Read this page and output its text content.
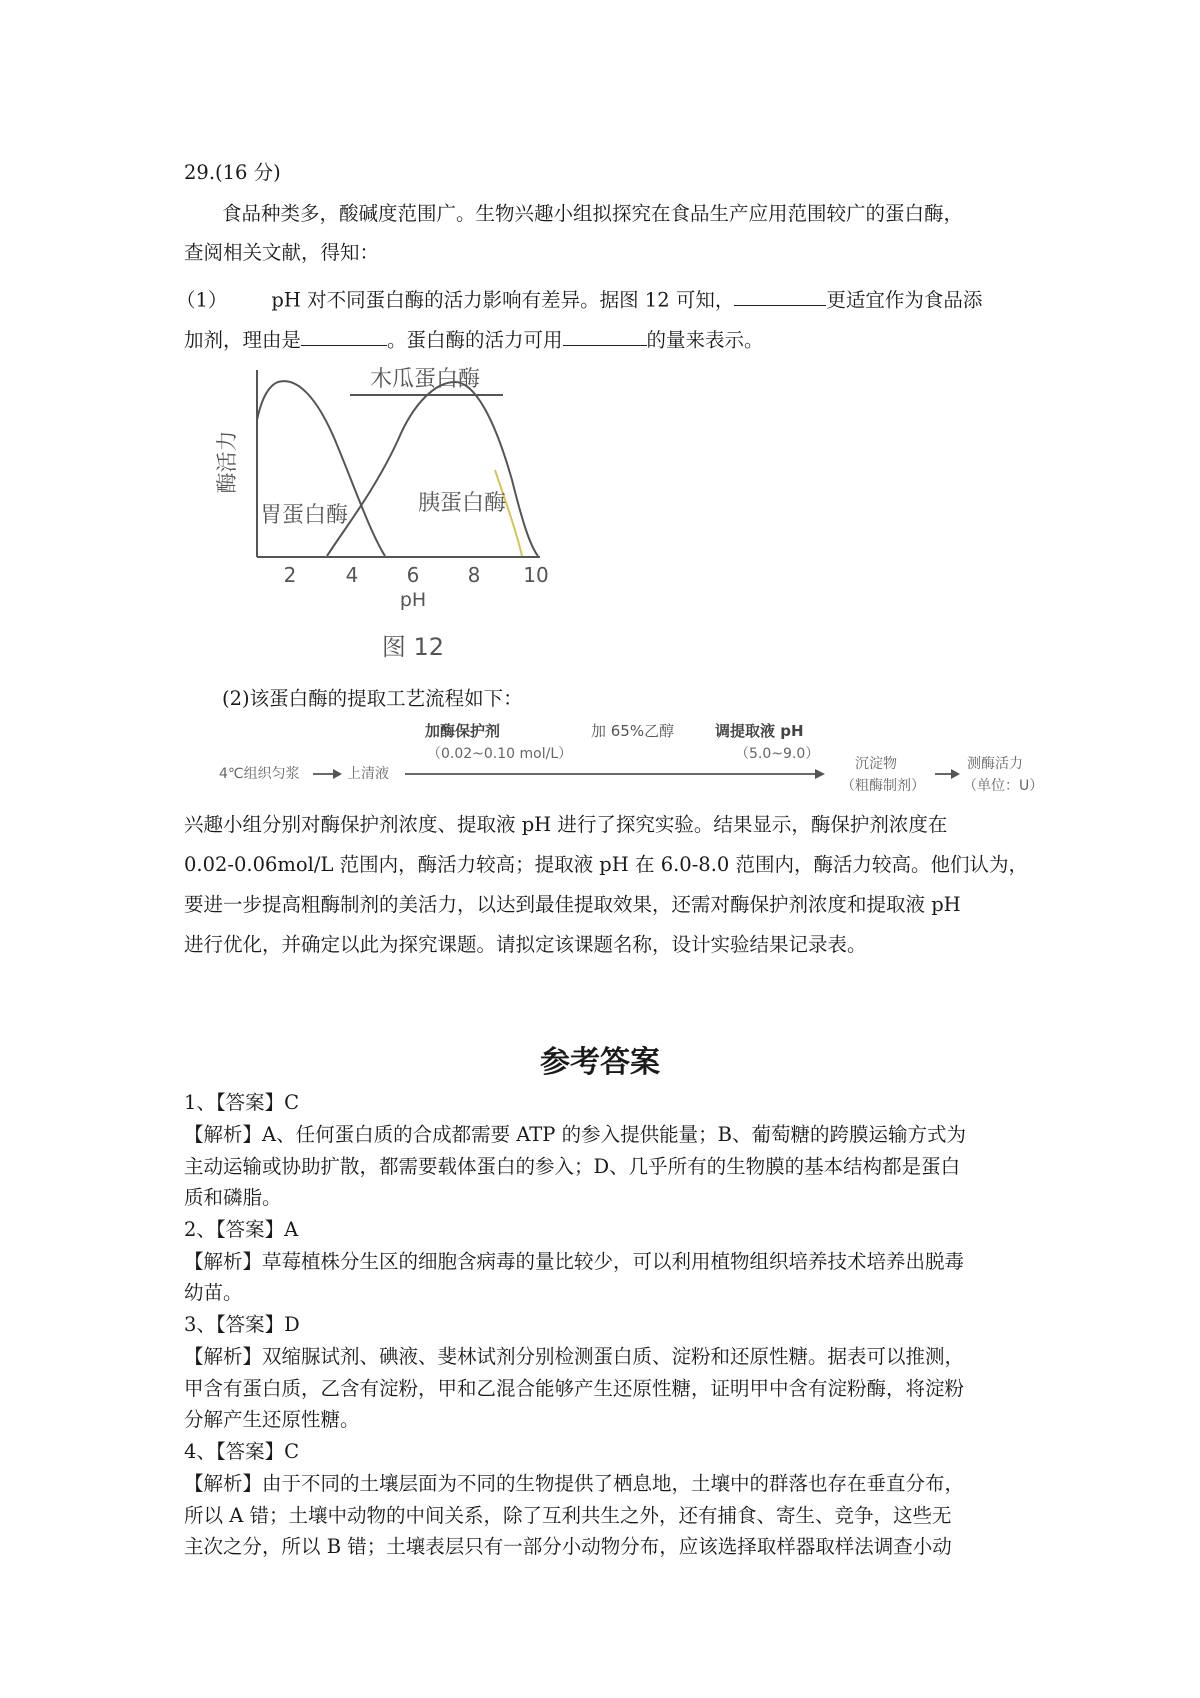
29.(16 分)
食品种类多，酸碱度范围广。生物兴趣小组拟探究在食品生产应用范围较广的蛋白酶，
查阅相关文献，得知：
（1） pH 对不同蛋白酶的活力影响有差异。据图 12 可知，	更适宜作为食品添
加剂，理由是	。蛋白酶的活力可用	的量来表示。
2 4 6 8 10
pH
酶活力
木瓜蛋白酶
胃蛋白酶	胰蛋白酶
图 12
(2)该蛋白酶的提取工艺流程如下：
4℃组织匀浆	上清液
加酶保护剂
（0.02~0.10 mol/L）
加 65%乙醇	调提取液 pH
（5.0~9.0）
沉淀物
（粗酶制剂）
测酶活力
（单位：U）
兴趣小组分别对酶保护剂浓度、提取液 pH 进行了探究实验。结果显示，酶保护剂浓度在
0.02-0.06mol/L 范围内，酶活力较高；提取液 pH 在 6.0-8.0 范围内，酶活力较高。他们认为，
要进一步提高粗酶制剂的美活力，以达到最佳提取效果，还需对酶保护剂浓度和提取液 pH
进行优化，并确定以此为探究课题。请拟定该课题名称，设计实验结果记录表。
参考答案
1、【答案】C
【解析】A、任何蛋白质的合成都需要 ATP 的参入提供能量；B、葡萄糖的跨膜运输方式为
主动运输或协助扩散，都需要载体蛋白的参入；D、几乎所有的生物膜的基本结构都是蛋白
质和磷脂。
2、【答案】A
【解析】草莓植株分生区的细胞含病毒的量比较少，可以利用植物组织培养技术培养出脱毒
幼苗。
3、【答案】D
【解析】双缩脲试剂、碘液、斐林试剂分别检测蛋白质、淀粉和还原性糖。据表可以推测，
甲含有蛋白质，乙含有淀粉，甲和乙混合能够产生还原性糖，证明甲中含有淀粉酶，将淀粉
分解产生还原性糖。
4、【答案】C
【解析】由于不同的土壤层面为不同的生物提供了栖息地，土壤中的群落也存在垂直分布，
所以 A 错；土壤中动物的中间关系，除了互利共生之外，还有捕食、寄生、竞争，这些无
主次之分，所以 B 错；土壤表层只有一部分小动物分布，应该选择取样器取样法调查小动
